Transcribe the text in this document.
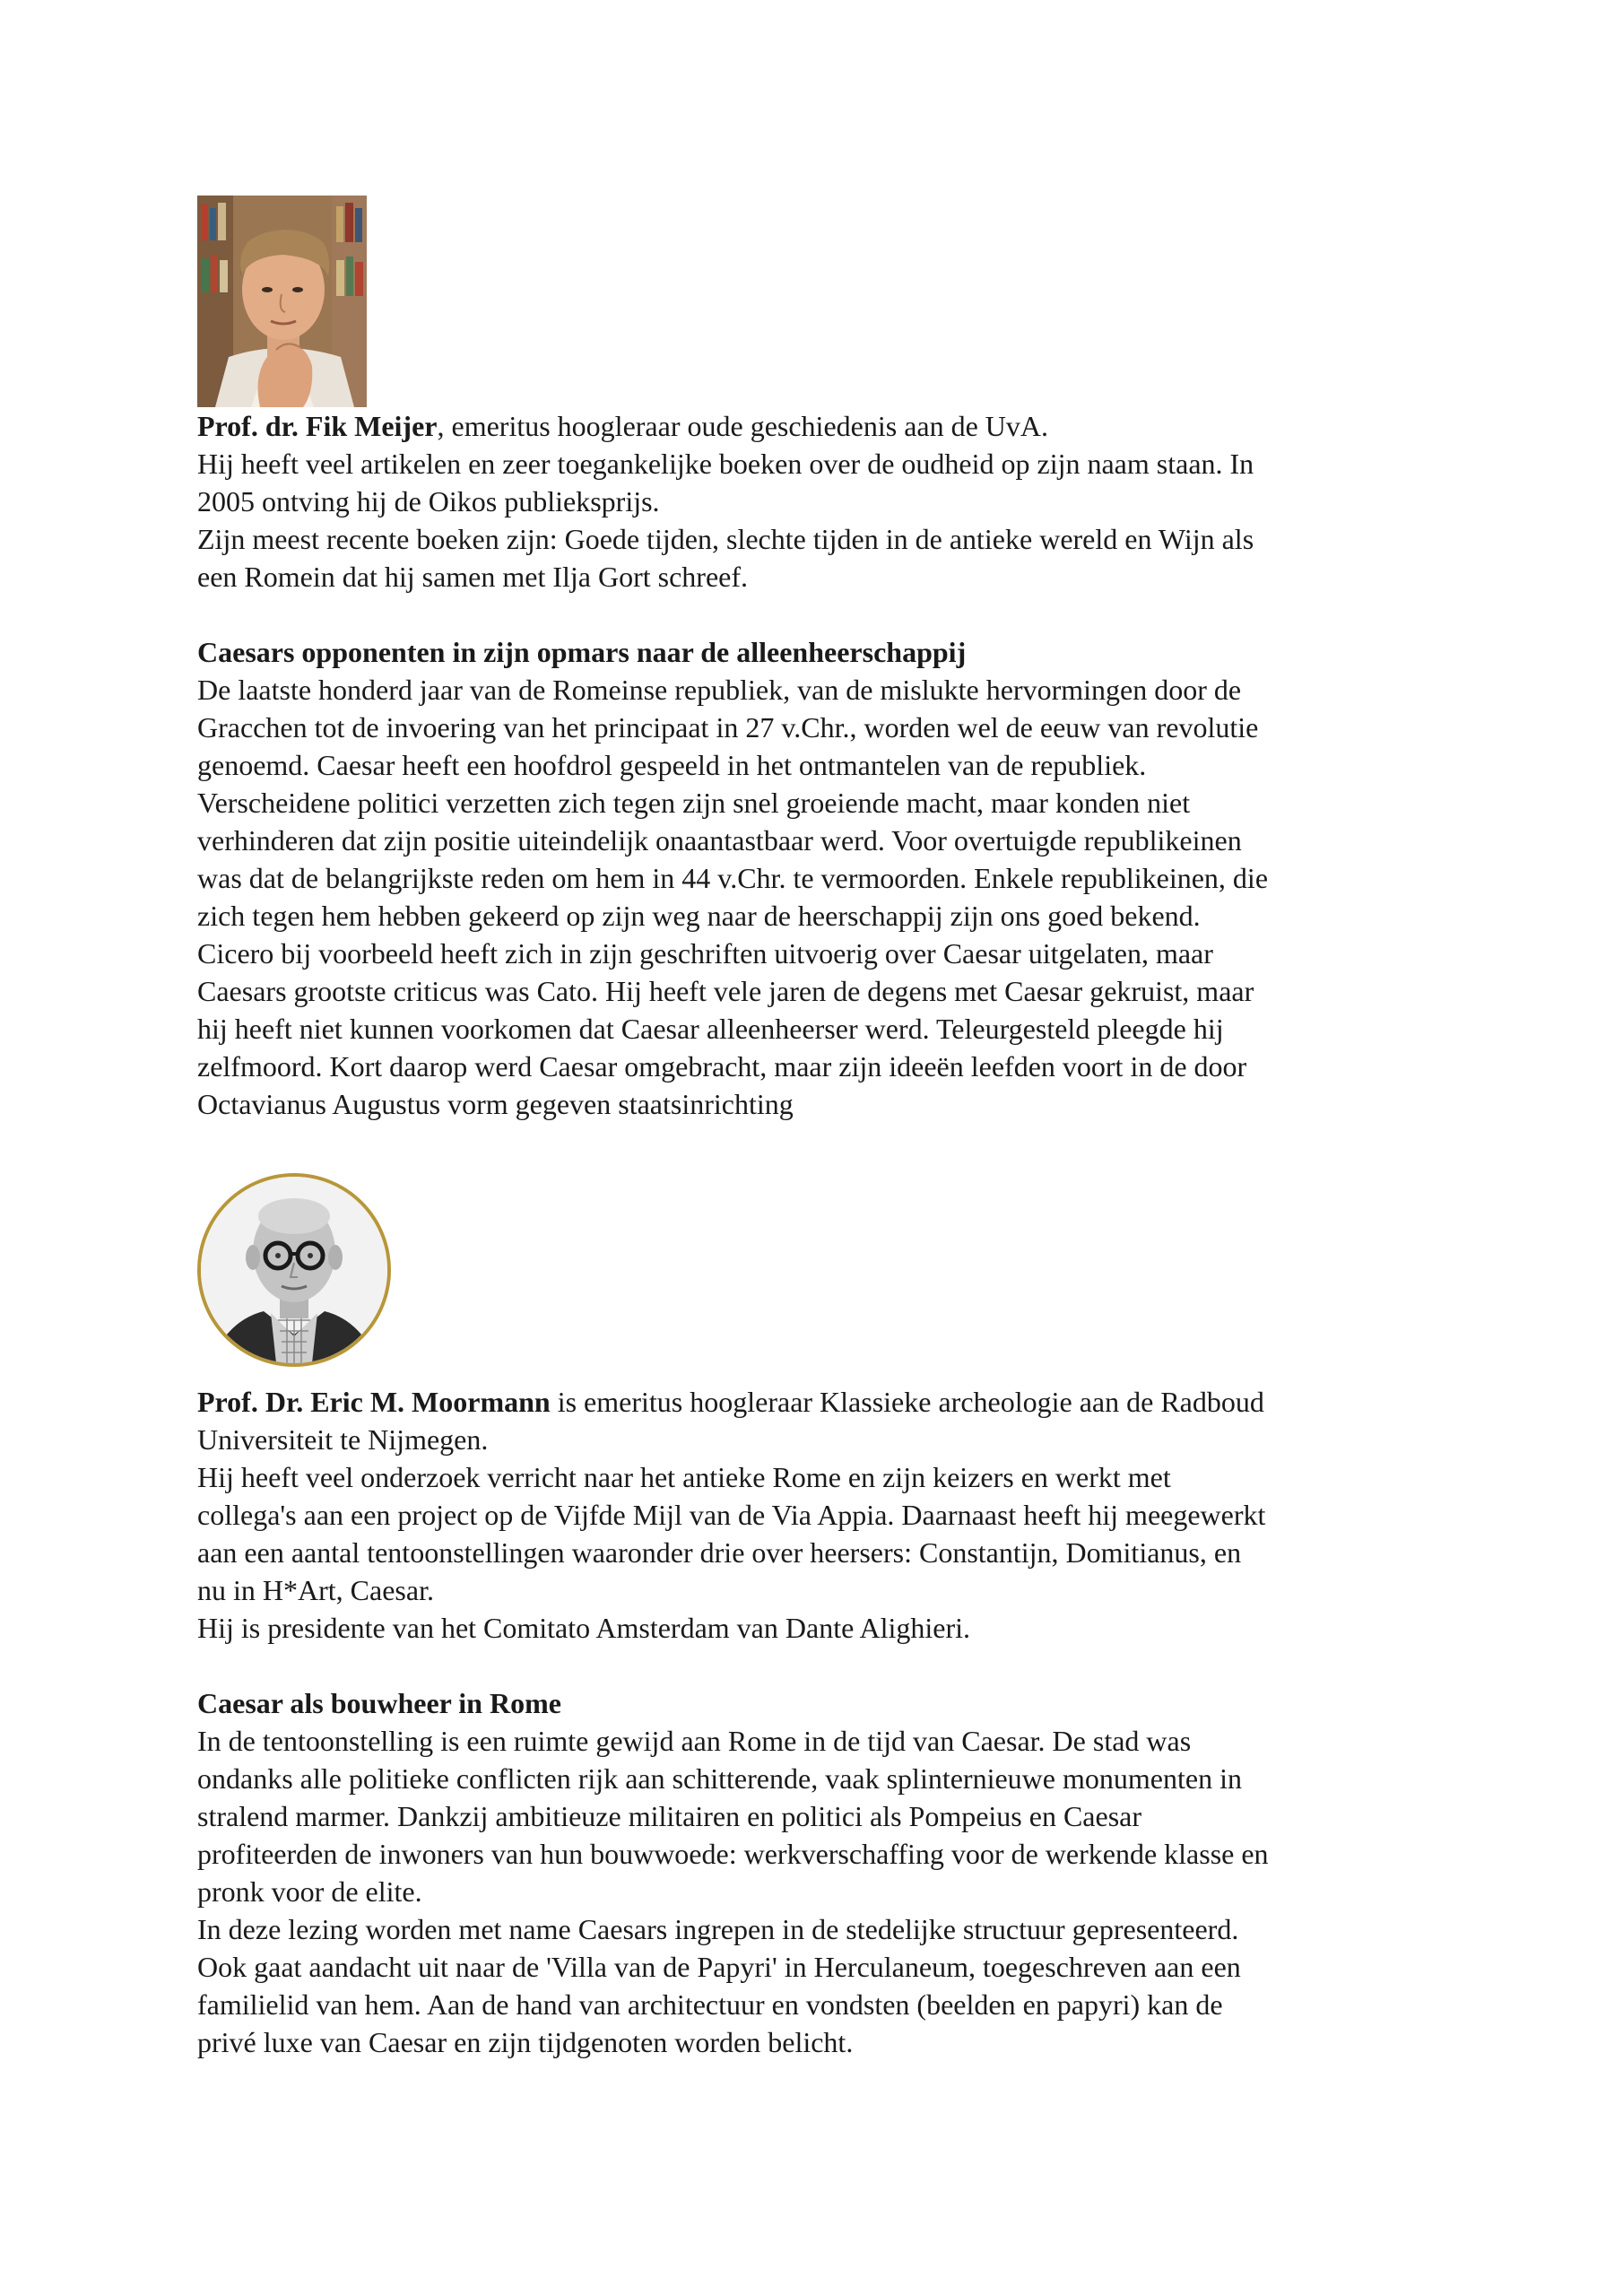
Prof. dr. Fik Meijer, emeritus hoogleraar oude geschiedenis aan de UvA.

Hij heeft veel artikelen en zeer toegankelijke boeken over de oudheid op zijn naam staan. In

2005 ontving hij de Oikos publieksprijs.

Zijn meest recente boeken zijn: Goede tijden, slechte tijden in de antieke wereld en Wijn als

een Romein dat hij samen met Ilja Gort schreef.

Caesars opponenten in zijn opmars naar de alleenheerschappij

De laatste honderd jaar van de Romeinse republiek, van de mislukte hervormingen door de

Gracchen tot de invoering van het principaat in 27 v.Chr., worden wel de eeuw van revolutie

genoemd. Caesar heeft een hoofdrol gespeeld in het ontmantelen van de republiek.

Verscheidene politici verzetten zich tegen zijn snel groeiende macht, maar konden niet

verhinderen dat zijn positie uiteindelijk onaantastbaar werd. Voor overtuigde republikeinen

was dat de belangrijkste reden om hem in 44 v.Chr. te vermoorden. Enkele republikeinen, die

zich tegen hem hebben gekeerd op zijn weg naar de heerschappij zijn ons goed bekend.

Cicero bij voorbeeld heeft zich in zijn geschriften uitvoerig over Caesar uitgelaten, maar

Caesars grootste criticus was Cato. Hij heeft vele jaren de degens met Caesar gekruist, maar

hij heeft niet kunnen voorkomen dat Caesar alleenheerser werd. Teleurgesteld pleegde hij

zelfmoord. Kort daarop werd Caesar omgebracht, maar zijn ideeën leefden voort in de door

Octavianus Augustus vorm gegeven staatsinrichting

Prof. Dr. Eric M. Moormann is emeritus hoogleraar Klassieke archeologie aan de Radboud

Universiteit te Nijmegen.

Hij heeft veel onderzoek verricht naar het antieke Rome en zijn keizers en werkt met

collega's aan een project op de Vijfde Mijl van de Via Appia. Daarnaast heeft hij meegewerkt

aan een aantal tentoonstellingen waaronder drie over heersers: Constantijn, Domitianus, en

nu in H*Art, Caesar.

Hij is presidente van het Comitato Amsterdam van Dante Alighieri.

Caesar als bouwheer in Rome

In de tentoonstelling is een ruimte gewijd aan Rome in de tijd van Caesar. De stad was

ondanks alle politieke conflicten rijk aan schitterende, vaak splinternieuwe monumenten in

stralend marmer. Dankzij ambitieuze militairen en politici als Pompeius en Caesar

profiteerden de inwoners van hun bouwwoede: werkverschaffing voor de werkende klasse en

pronk voor de elite.

In deze lezing worden met name Caesars ingrepen in de stedelijke structuur gepresenteerd.

Ook gaat aandacht uit naar de 'Villa van de Papyri' in Herculaneum, toegeschreven aan een

familielid van hem. Aan de hand van architectuur en vondsten (beelden en papyri) kan de

privé luxe van Caesar en zijn tijdgenoten worden belicht.
